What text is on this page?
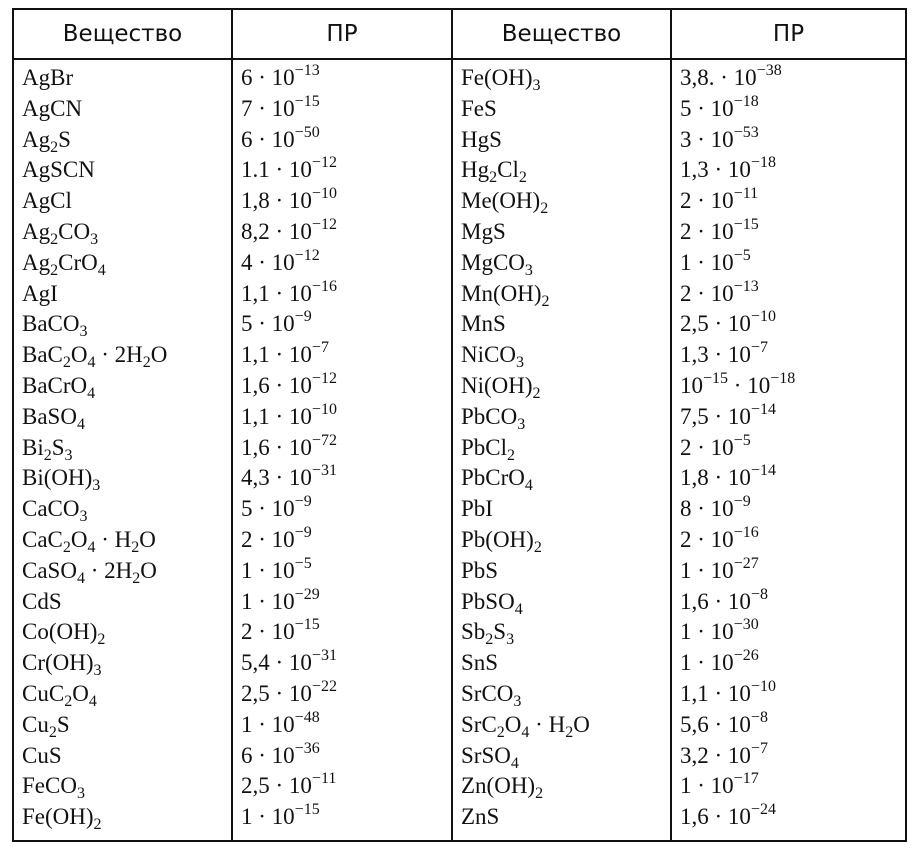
Вещество	ПР	Вещество	ПР
AgBr	$6 \cdot 10^{-13}$	$Fe(OH)_3$	3,8. · $10^{-38}$
AgCN	$7 \cdot 10^{-15}$	FeS	$5 \cdot 10^{-18}$
$Ag_2S$	$6 \cdot 10^{-50}$	HgS	$3 \cdot 10^{-53}$
AgSCN	$1.1 \cdot 10^{-12}$	$Hg_2Cl_2$	$1,3 \cdot 10^{-18}$
AgCl	$1,8 \cdot 10^{-10}$	$Me(OH)_2$	$2 \cdot 10^{-11}$
$Ag_2CO_3$	$8,2 \cdot 10^{-12}$	MgS	$2 \cdot 10^{-15}$
$Ag_2CrO_4$	$4 \cdot 10^{-12}$	MgCO$_3$	$1 \cdot 10^{-5}$
AgI	$1,1 \cdot 10^{-16}$	$Mn(OH)_2$	$2 \cdot 10^{-13}$
BaCO$_3$	$5 \cdot 10^{-9}$	MnS	$2,5 \cdot 10^{-10}$
$BaC_2O_4 \cdot 2H_2O$	$1,1 \cdot 10^{-7}$	NiCO$_3$	$1,3 \cdot 10^{-7}$
BaCrO$_4$	$1,6 \cdot 10^{-12}$	$Ni(OH)_2$	$10^{-15} \cdot 10^{-18}$
BaSO$_4$	$1,1 \cdot 10^{-10}$	PbCO$_3$	$7,5 \cdot 10^{-14}$
$Bi_2S_3$	$1,6 \cdot 10^{-72}$	PbCl$_2$	$2 \cdot 10^{-5}$
$Bi(OH)_3$	$4,3 \cdot 10^{-31}$	PbCrO$_4$	$1,8 \cdot 10^{-14}$
CaCO$_3$	$5 \cdot 10^{-9}$	PbI	$8 \cdot 10^{-9}$
$CaC_2O_4 \cdot H_2O$	$2 \cdot 10^{-9}$	$Pb(OH)_2$	$2 \cdot 10^{-16}$
CaSO$_4$ · $2H_2O$	$1 \cdot 10^{-5}$	PbS	$1 \cdot 10^{-27}$
CdS	$1 \cdot 10^{-29}$	PbSO$_4$	$1,6 \cdot 10^{-8}$
$Co(OH)_2$	$2 \cdot 10^{-15}$	$Sb_2S_3$	$1 \cdot 10^{-30}$
$Cr(OH)_3$	$5,4 \cdot 10^{-31}$	SnS	$1 \cdot 10^{-26}$
$CuC_2O_4$	$2,5 \cdot 10^{-22}$	SrCO$_3$	$1,1 \cdot 10^{-10}$
$Cu_2S$	$1 \cdot 10^{-48}$	$SrC_2O_4 \cdot H_2O$	$5,6 \cdot 10^{-8}$
CuS	$6 \cdot 10^{-36}$	SrSO$_4$	$3,2 \cdot 10^{-7}$
FeCO$_3$	$2,5 \cdot 10^{-11}$	$Zn(OH)_2$	$1 \cdot 10^{-17}$
$Fe(OH)_2$	$1 \cdot 10^{-15}$	ZnS	$1,6 \cdot 10^{-24}$
